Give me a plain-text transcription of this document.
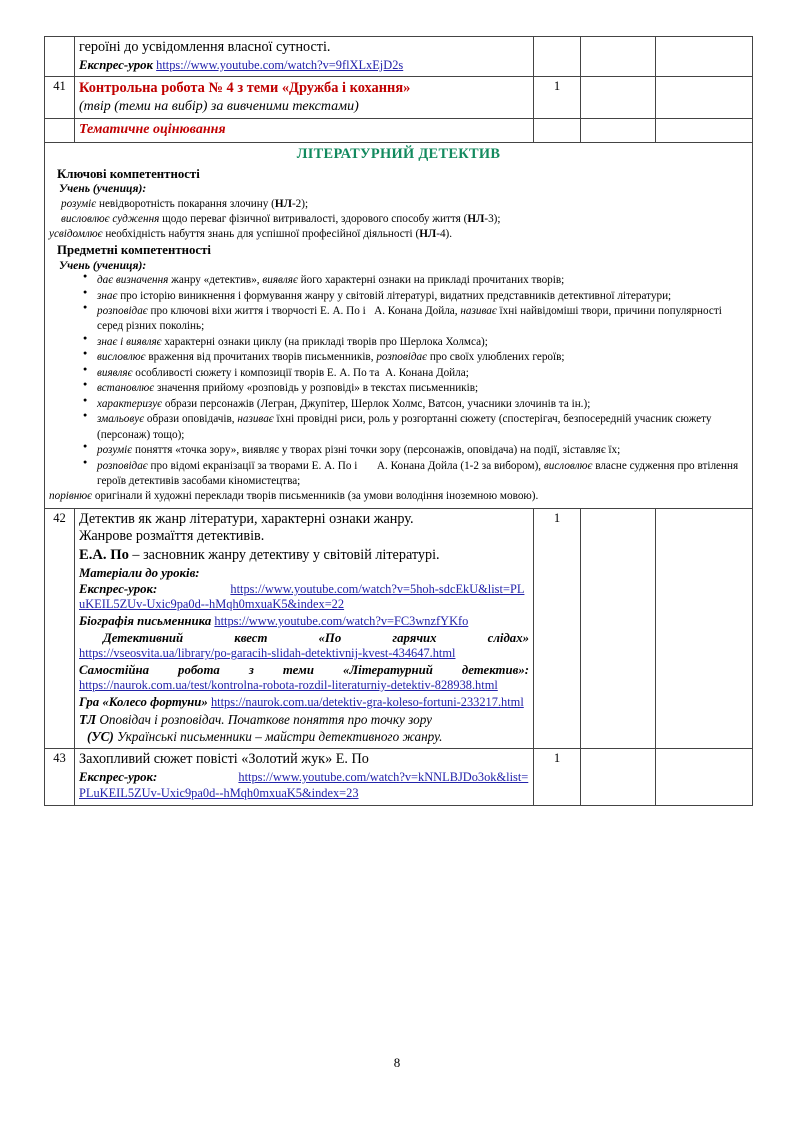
	героїні до усвідомлення власної сутності.
Експрес-урок https://www.youtube.com/watch?v=9flXLxEjD2s			

41	Контрольна робота № 4 з теми «Дружба і кохання»
(твір (теми на вибір) за вивченими текстами)	1		

	Тематичне оцінювання			

ЛІТЕРАТУРНИЙ ДЕТЕКТИВ
Ключові компетентності
Учень (учениця):
розуміє невідворотність покарання злочину (НЛ-2);
висловлює судження щодо переваг фізичної витривалості, здорового способу життя (НЛ-3);
усвідомлює необхідність набуття знань для успішної професійної діяльності (НЛ-4).
Предметні компетентності
Учень (учениця):
● дає визначення жанру «детектив», виявляє його характерні ознаки на прикладі прочитаних творів;
● знає про історію виникнення і формування жанру у світовій літературі, видатних представників детективної літератури;
● розповідає про ключові віхи життя і творчості Е. А. По і   А. Конана Дойла, називає їхні найвідоміші твори, причини популярності серед різних поколінь;
● знає і виявляє характерні ознаки циклу (на прикладі творів про Шерлока Холмса);
● висловлює враження від прочитаних творів письменників, розповідає про своїх улюблених героїв;
● виявляє особливості сюжету і композиції творів Е. А. По та  А. Конана Дойла;
● встановлює значення прийому «розповідь у розповіді» в текстах письменників;
● характеризує образи персонажів (Легран, Джупітер, Шерлок Холмс, Ватсон, учасники злочинів та ін.);
● змальовує образи оповідачів, називає їхні провідні риси, роль у розгортанні сюжету (спостерігач, безпосередній учасник сюжету (персонаж) тощо);
● розуміє поняття «точка зору», виявляє у творах різні точки зору (персонажів, оповідача) на події, зіставляє їх;
● розповідає про відомі екранізації за творами Е. А. По і       А. Конана Дойла (1-2 за вибором), висловлює власне судження про втілення героїв детективів засобами кіномистецтва;
порівнює оригінали й художні переклади творів письменників (за умови володіння іноземною мовою).

42	Детектив як жанр літератури, характерні ознаки жанру.
Жанрове розмаїття детективів.
Е.А. По – засновник жанру детективу у світовій літературі.
Матеріали до уроків:
Експрес-урок:	https://www.youtube.com/watch?v=5hoh-sdcEkU&list=PLuKEIL5ZUv-Uxic9pa0d--hMqh0mxuaK5&index=22
Біографія письменника https://www.youtube.com/watch?v=FC3wnzfYKfo
Детективний квест «По гарячих слідах»
https://vseosvita.ua/library/po-garacih-slidah-detektivnij-kvest-434647.html
Самостійна робота з теми «Літературний детектив»:
https://naurok.com.ua/test/kontrolna-robota-rozdil-literaturniy-detektiv-828938.html
Гра «Колесо фортуни» https://naurok.com.ua/detektiv-gra-koleso-fortuni-233217.html
ТЛ Оповідач і розповідач. Початкове поняття про точку зору
(УС) Українські письменники – майстри детективного жанру.
	1		
43	Захопливий сюжет повісті «Золотий жук» Е. По
Експрес-урок: https://www.youtube.com/watch?v=kNNLBJDo3ok&list=PLuKEIL5ZUv-Uxic9pa0d--hMqh0mxuaK5&index=23	1		
8
